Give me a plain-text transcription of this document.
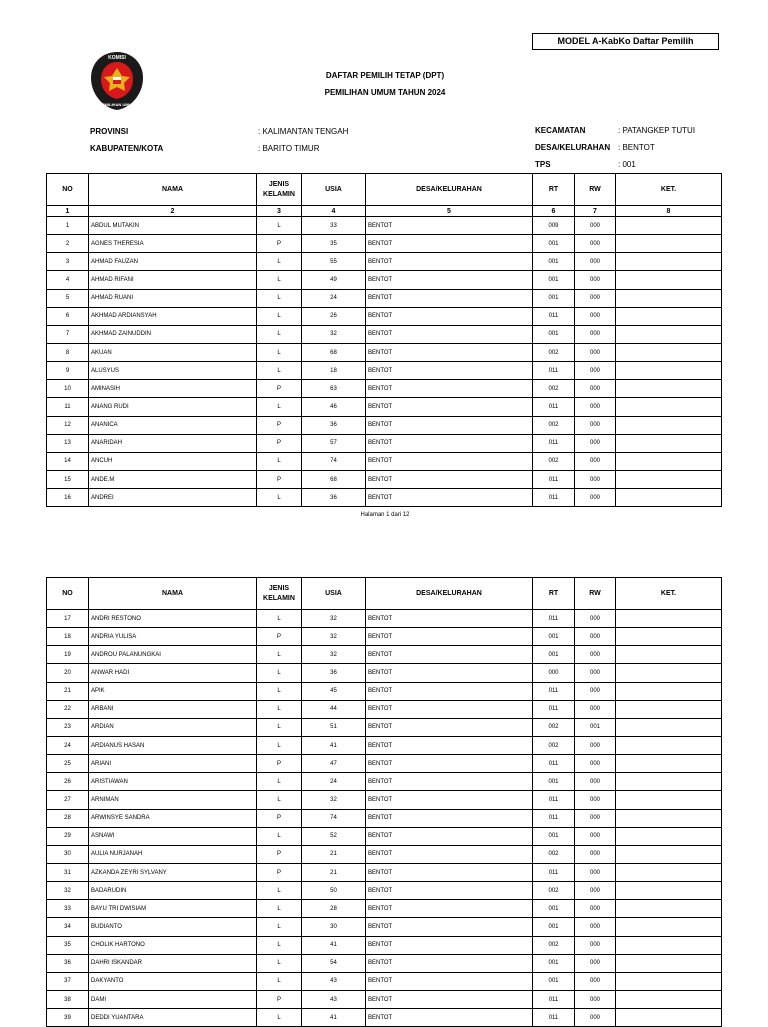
MODEL A-KabKo Daftar Pemilih
KOMISI
PEMILIHAN UMUM
DAFTAR PEMILIH TETAP (DPT)
PEMILIHAN UMUM TAHUN 2024
PROVINSI	: KALIMANTAN TENGAH
KABUPATEN/KOTA	: BARITO TIMUR
KECAMATAN	: PATANGKEP TUTUI
DESA/KELURAHAN : BENTOT
TPS	: 001
NO	NAMA	JENIS KELAMIN	USIA	DESA/KELURAHAN	RT	RW	KET.
1	2	3	4	5	6	7	8
1	ABDUL MUTAKIN	L	33	BENTOT	009	000	
2	AGNES THERESIA	P	35	BENTOT	001	000	
3	AHMAD FAUZAN	L	55	BENTOT	001	000	
4	AHMAD RIFANI	L	49	BENTOT	001	000	
5	AHMAD RUANI	L	24	BENTOT	001	000	
6	AKHMAD ARDIANSYAH	L	26	BENTOT	011	000	
7	AKHMAD ZAINUDDIN	L	32	BENTOT	001	000	
8	AKUAN	L	68	BENTOT	002	000	
9	ALUSYUS	L	18	BENTOT	011	000	
10	AMINASIH	P	63	BENTOT	002	000	
11	ANANG RUDI	L	46	BENTOT	011	000	
12	ANANICA	P	36	BENTOT	002	000	
13	ANARIDAH	P	57	BENTOT	011	000	
14	ANCUH	L	74	BENTOT	002	000	
15	ANDE.M	P	68	BENTOT	011	000	
16	ANDREI	L	36	BENTOT	011	000	
Halaman 1 dari 12
NO	NAMA	JENIS KELAMIN	USIA	DESA/KELURAHAN	RT	RW	KET.
17	ANDRI RESTONO	L	32	BENTOT	011	000	
18	ANDRIA YULISA	P	32	BENTOT	001	000	
19	ANDROU PALANUNGKAI	L	32	BENTOT	001	000	
20	ANWAR HADI	L	36	BENTOT	000	000	
21	APIK	L	45	BENTOT	011	000	
22	ARBANI	L	44	BENTOT	011	000	
23	ARDIAN	L	51	BENTOT	002	001	
24	ARDIANUS HASAN	L	41	BENTOT	002	000	
25	ARIANI	P	47	BENTOT	011	000	
26	ARISTIAWAN	L	24	BENTOT	001	000	
27	ARNIMAN	L	32	BENTOT	011	000	
28	ARWINSYE SANDRA	P	74	BENTOT	011	000	
29	ASNAWI	L	52	BENTOT	001	000	
30	AULIA NURJANAH	P	21	BENTOT	002	000	
31	AZKANDA ZEYRI SYLVANY	P	21	BENTOT	011	000	
32	BADARUDIN	L	50	BENTOT	002	000	
33	BAYU TRI DWISIAM	L	28	BENTOT	001	000	
34	BUDIANTO	L	30	BENTOT	001	000	
35	CHOLIK HARTONO	L	41	BENTOT	002	000	
36	DAHRI ISKANDAR	L	54	BENTOT	001	000	
37	DAKYANTO	L	43	BENTOT	001	000	
38	DAMI	P	43	BENTOT	011	000	
39	DEDDI YUANTARA	L	41	BENTOT	011	000	
